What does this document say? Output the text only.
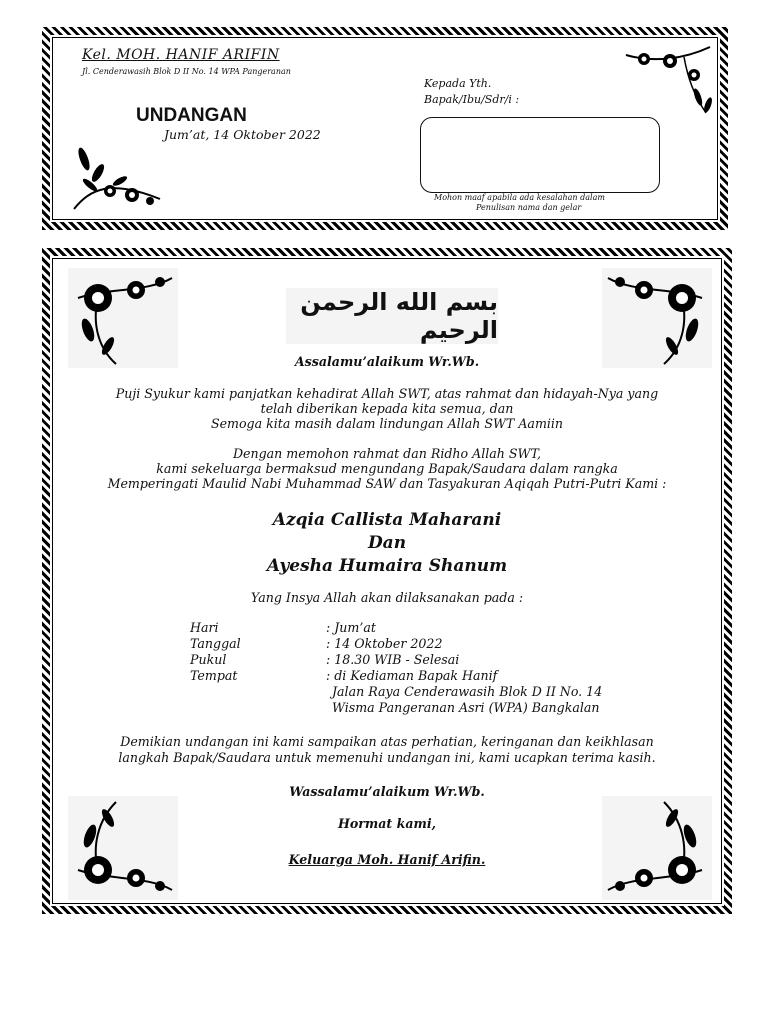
Kel. MOH. HANIF ARIFIN
Jl. Cenderawasih Blok D II No. 14 WPA Pangeranan
UNDANGAN
Jum’at, 14 Oktober 2022
Kepada Yth.
Bapak/Ibu/Sdr/i :
Mohon maaf apabila ada kesalahan dalam
Penulisan nama dan gelar
بسم الله الرحمن الرحيم
Assalamu’alaikum Wr.Wb.
Puji Syukur kami panjatkan kehadirat Allah SWT, atas rahmat dan hidayah-Nya yang
telah diberikan kepada kita semua, dan
Semoga kita masih dalam lindungan Allah SWT Aamiin
Dengan memohon rahmat dan Ridho Allah SWT,
kami sekeluarga bermaksud mengundang Bapak/Saudara dalam rangka
Memperingati Maulid Nabi Muhammad SAW dan Tasyakuran Aqiqah Putri-Putri Kami :
Azqia Callista Maharani
Dan
Ayesha Humaira Shanum
Yang Insya Allah akan dilaksanakan pada :
Hari	: Jum’at
Tanggal	: 14 Oktober 2022
Pukul	: 18.30 WIB - Selesai
Tempat	: di Kediaman Bapak Hanif
Jalan Raya Cenderawasih Blok D II No. 14
Wisma Pangeranan Asri (WPA) Bangkalan
Demikian undangan ini kami sampaikan atas perhatian, keringanan dan keikhlasan
langkah Bapak/Saudara untuk memenuhi undangan ini, kami ucapkan terima kasih.
Wassalamu’alaikum Wr.Wb.
Hormat kami,
Keluarga Moh. Hanif Arifin.
